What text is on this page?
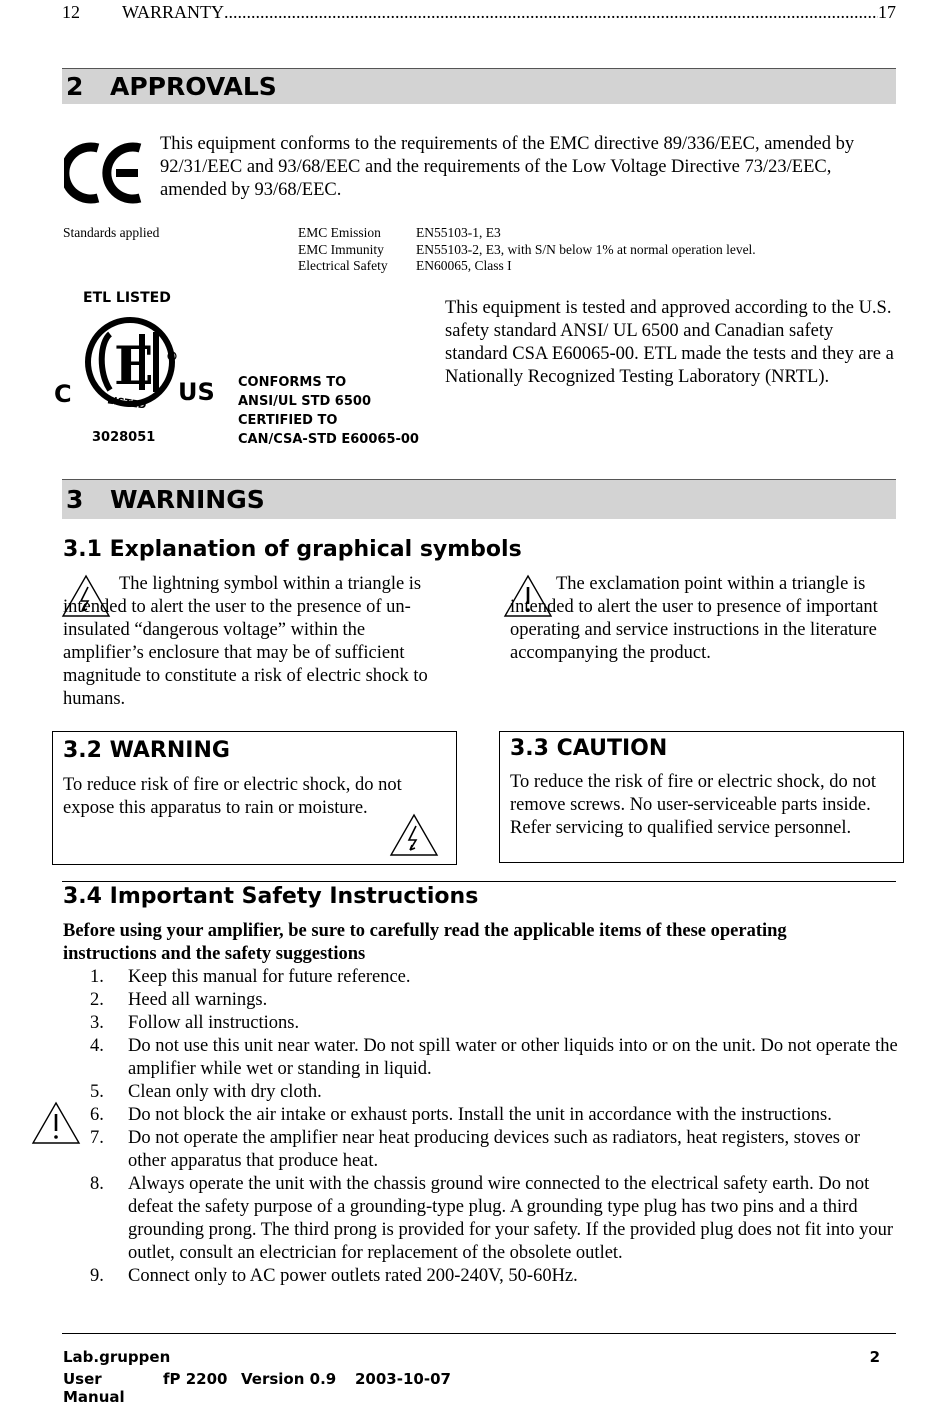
12	WARRANTY
.....	17
2	APPROVALS
This equipment conforms to the requirements of the EMC directive 89/336/EEC, amended by 92/31/EEC and 93/68/EEC and the requirements of the Low Voltage Directive 73/23/EEC, amended by 93/68/EEC.
Standards applied	EMC Emission	EN55103-1, E3
EMC Immunity	EN55103-2, E3, with S/N below 1% at normal operation level.
Electrical Safety	EN60065, Class I
ETL LISTED
E	R
C	US
LISTED
3028051
CONFORMS TO
ANSI/UL STD 6500
CERTIFIED TO
CAN/CSA-STD E60065-00
This equipment is tested and approved according to the U.S. safety standard ANSI/ UL 6500 and Canadian safety standard CSA E60065-00. ETL made the tests and they are a Nationally Recognized Testing Laboratory (NRTL).
3	WARNINGS
3.1 Explanation of graphical symbols
The lightning symbol within a triangle is intended to alert the user to the presence of un-insulated “dangerous voltage” within the amplifier’s enclosure that may be of sufficient magnitude to constitute a risk of electric shock to humans.
The exclamation point within a triangle is intended to alert the user to presence of important operating and service instructions in the literature accompanying the product.
3.2 WARNING
To reduce risk of fire or electric shock, do not expose this apparatus to rain or moisture.
3.3 CAUTION
To reduce the risk of fire or electric shock, do not remove screws. No user-serviceable parts inside. Refer servicing to qualified service personnel.
3.4 Important Safety Instructions
Before using your amplifier, be sure to carefully read the applicable items of these operating instructions and the safety suggestions
1.	Keep this manual for future reference.
2.	Heed all warnings.
3.	Follow all instructions.
4.	Do not use this unit near water. Do not spill water or other liquids into or on the unit. Do not operate the amplifier while wet or standing in liquid.
5.	Clean only with dry cloth.
6.	Do not block the air intake or exhaust ports. Install the unit in accordance with the instructions.
7.	Do not operate the amplifier near heat producing devices such as radiators, heat registers, stoves or other apparatus that produce heat.
8.	Always operate the unit with the chassis ground wire connected to the electrical safety earth. Do not defeat the safety purpose of a grounding-type plug. A grounding type plug has two pins and a third grounding prong. The third prong is provided for your safety. If the provided plug does not fit into your outlet, consult an electrician for replacement of the obsolete outlet.
9.	Connect only to AC power outlets rated 200-240V, 50-60Hz.
Lab.gruppen	2
User Manual
fP 2200 Version 0.9	2003-10-07
